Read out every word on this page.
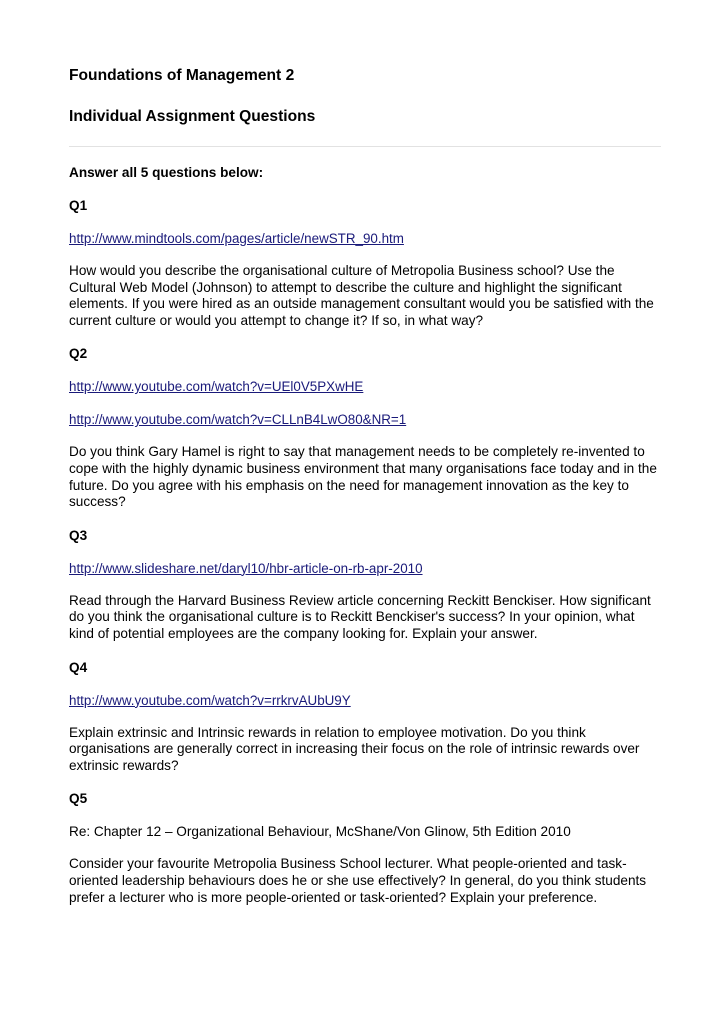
Foundations of Management 2
Individual Assignment Questions
Answer all 5 questions below:
Q1
http://www.mindtools.com/pages/article/newSTR_90.htm
How would you describe the organisational culture of Metropolia Business school? Use the Cultural Web Model (Johnson) to attempt to describe the culture and highlight the significant elements. If you were hired as an outside management consultant would you be satisfied with the current culture or would you attempt to change it? If so, in what way?
Q2
http://www.youtube.com/watch?v=UEl0V5PXwHE
http://www.youtube.com/watch?v=CLLnB4LwO80&NR=1
Do you think Gary Hamel is right to say that management needs to be completely re-invented to cope with the highly dynamic business environment that many organisations face today and in the future. Do you agree with his emphasis on the need for management innovation as the key to success?
Q3
http://www.slideshare.net/daryl10/hbr-article-on-rb-apr-2010
Read through the Harvard Business Review article concerning Reckitt Benckiser. How significant do you think the organisational culture is to Reckitt Benckiser's success? In your opinion, what kind of potential employees are the company looking for. Explain your answer.
Q4
http://www.youtube.com/watch?v=rrkrvAUbU9Y
Explain extrinsic and Intrinsic rewards in relation to employee motivation. Do you think organisations are generally correct in increasing their focus on the role of intrinsic rewards over extrinsic rewards?
Q5
Re: Chapter 12 – Organizational Behaviour, McShane/Von Glinow, 5th Edition 2010
Consider your favourite Metropolia Business School lecturer. What people-oriented and task-oriented leadership behaviours does he or she use effectively? In general, do you think students prefer a lecturer who is more people-oriented or task-oriented? Explain your preference.
